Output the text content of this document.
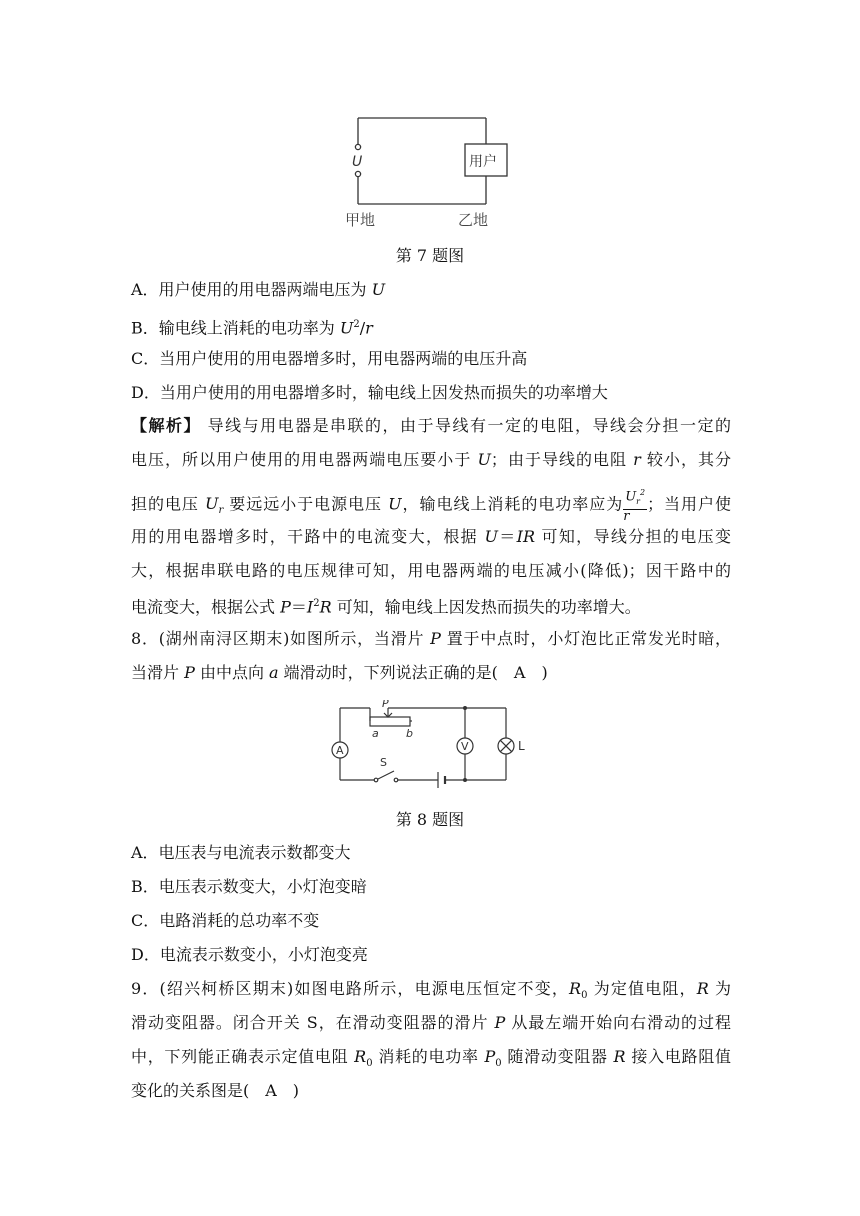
U	用户
甲地	乙地
第 7 题图
A．用户使用的用电器两端电压为 U
B．输电线上消耗的电功率为 $U^2/r$
C．当用户使用的用电器增多时，用电器两端的电压升高
D．当用户使用的用电器增多时，输电线上因发热而损失的功率增大
【解析】 导线与用电器是串联的，由于导线有一定的电阻，导线会分担一定的
电压，所以用户使用的用电器两端电压要小于 U；由于导线的电阻 r 较小，其分
担的电压 $U_r$ 要远远小于电源电压 U，输电线上消耗的电功率应为 $\frac{U_r^2}{r}$ ；当用户使
用的用电器增多时，干路中的电流变大，根据 U＝IR 可知，导线分担的电压变
大，根据串联电路的电压规律可知，用电器两端的电压减小(降低)；因干路中的
电流变大，根据公式 $P=I^2R$ 可知，输电线上因发热而损失的功率增大。
8．(湖州南浔区期末)如图所示，当滑片 P 置于中点时，小灯泡比正常发光时暗，
当滑片 P 由中点向 a 端滑动时，下列说法正确的是(　A　)
A	V	L
P
a b
S
第 8 题图
A．电压表与电流表示数都变大
B．电压表示数变大，小灯泡变暗
C．电路消耗的总功率不变
D．电流表示数变小，小灯泡变亮
9．(绍兴柯桥区期末)如图电路所示，电源电压恒定不变，$R_0$ 为定值电阻，R 为
滑动变阻器。闭合开关 S，在滑动变阻器的滑片 P 从最左端开始向右滑动的过程
中，下列能正确表示定值电阻 $R_0$ 消耗的电功率 $P_0$ 随滑动变阻器 R 接入电路阻值
变化的关系图是(　A　)
